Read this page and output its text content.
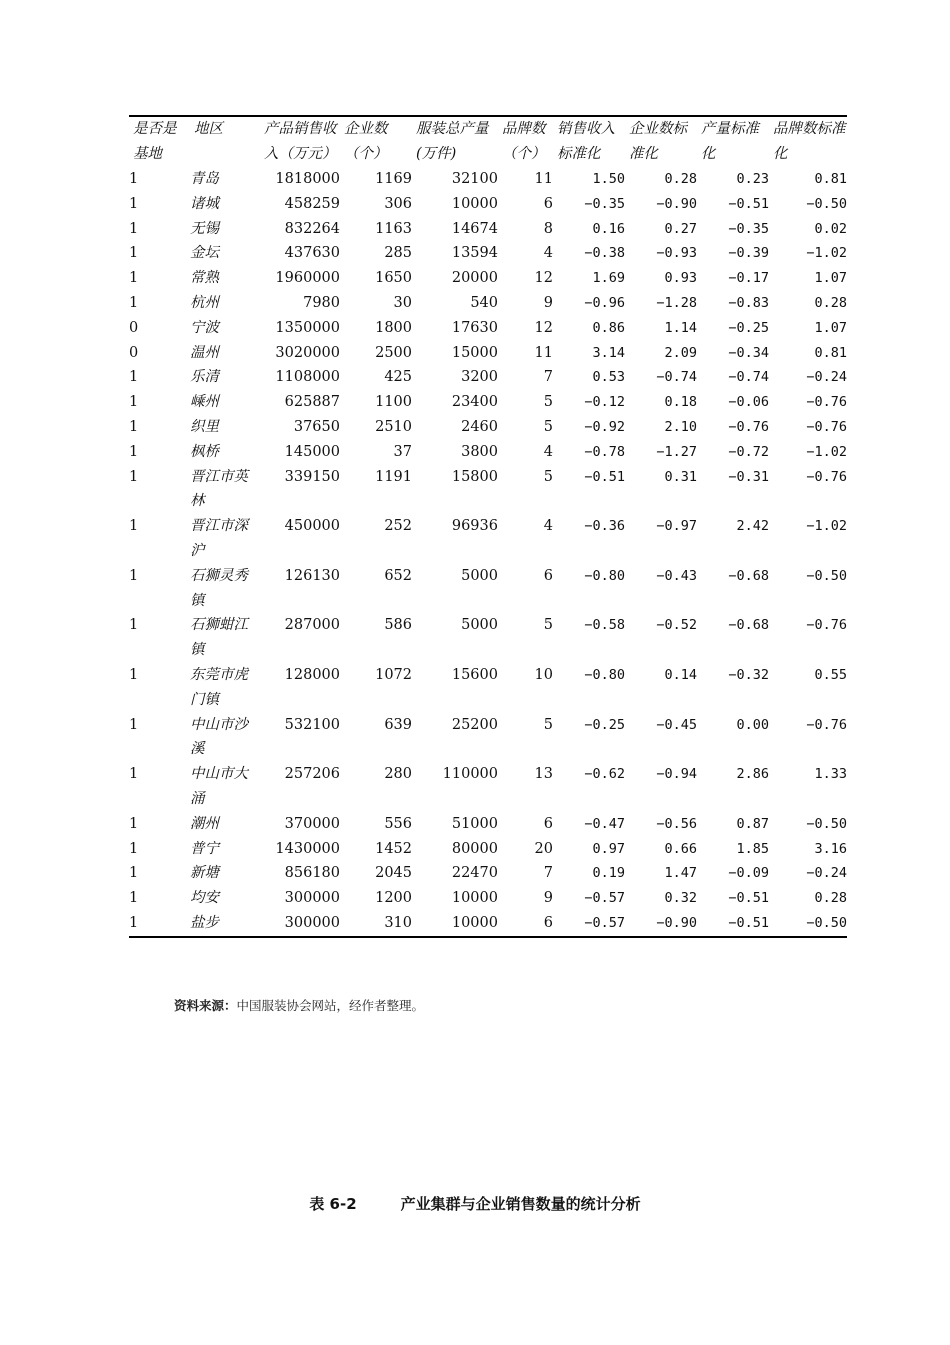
是否是基地	地区	产品销售收入（万元）	企业数（个）	服装总产量(万件)	品牌数（个）	销售收入标准化	企业数标准化	产量标准化	品牌数标准化
1	青岛	1818000	1169	32100	11	1.50	0.28	0.23	0.81
1	诸城	458259	306	10000	6	−0.35	−0.90	−0.51	−0.50
1	无锡	832264	1163	14674	8	0.16	0.27	−0.35	0.02
1	金坛	437630	285	13594	4	−0.38	−0.93	−0.39	−1.02
1	常熟	1960000	1650	20000	12	1.69	0.93	−0.17	1.07
1	杭州	7980	30	540	9	−0.96	−1.28	−0.83	0.28
0	宁波	1350000	1800	17630	12	0.86	1.14	−0.25	1.07
0	温州	3020000	2500	15000	11	3.14	2.09	−0.34	0.81
1	乐清	1108000	425	3200	7	0.53	−0.74	−0.74	−0.24
1	嵊州	625887	1100	23400	5	−0.12	0.18	−0.06	−0.76
1	织里	37650	2510	2460	5	−0.92	2.10	−0.76	−0.76
1	枫桥	145000	37	3800	4	−0.78	−1.27	−0.72	−1.02
1	晋江市英林	339150	1191	15800	5	−0.51	0.31	−0.31	−0.76
1	晋江市深沪	450000	252	96936	4	−0.36	−0.97	2.42	−1.02
1	石狮灵秀镇	126130	652	5000	6	−0.80	−0.43	−0.68	−0.50
1	石狮蚶江镇	287000	586	5000	5	−0.58	−0.52	−0.68	−0.76
1	东莞市虎门镇	128000	1072	15600	10	−0.80	0.14	−0.32	0.55
1	中山市沙溪	532100	639	25200	5	−0.25	−0.45	0.00	−0.76
1	中山市大涌	257206	280	110000	13	−0.62	−0.94	2.86	1.33
1	潮州	370000	556	51000	6	−0.47	−0.56	0.87	−0.50
1	普宁	1430000	1452	80000	20	0.97	0.66	1.85	3.16
1	新塘	856180	2045	22470	7	0.19	1.47	−0.09	−0.24
1	均安	300000	1200	10000	9	−0.57	0.32	−0.51	0.28
1	盐步	300000	310	10000	6	−0.57	−0.90	−0.51	−0.50
资料来源：中国服装协会网站，经作者整理。
表 6-2	产业集群与企业销售数量的统计分析
